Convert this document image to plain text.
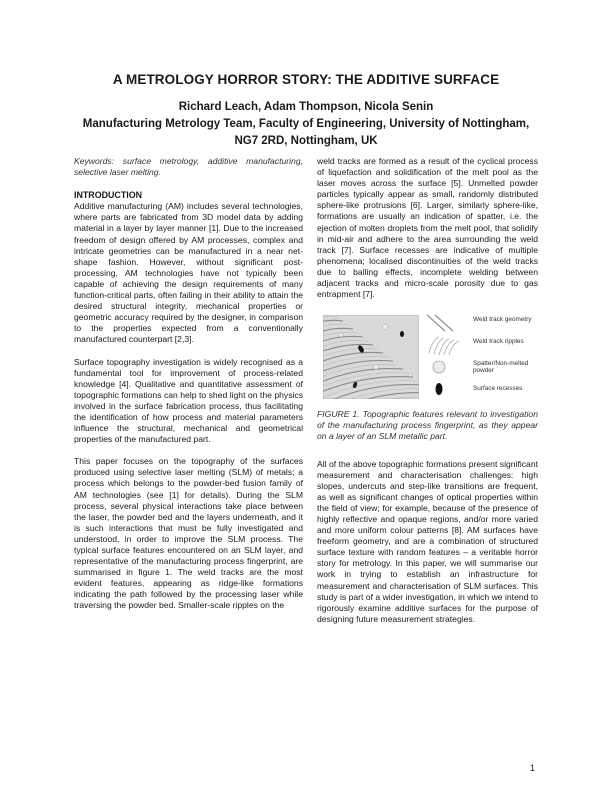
A METROLOGY HORROR STORY: THE ADDITIVE SURFACE
Richard Leach, Adam Thompson, Nicola Senin
Manufacturing Metrology Team, Faculty of Engineering, University of Nottingham,
NG7 2RD, Nottingham, UK

Keywords: surface metrology, additive manufacturing, selective laser melting.

INTRODUCTION

Additive manufacturing (AM) includes several technologies, where parts are fabricated from 3D model data by adding material in a layer by layer manner [1]. Due to the increased freedom of design offered by AM processes, complex and intricate geometries can be manufactured in a near net-shape fashion. However, without significant post-processing, AM technologies have not typically been capable of achieving the design requirements of many function-critical parts, often failing in their ability to attain the desired structural integrity, mechanical properties or geometric accuracy required by the designer, in comparison to the properties expected from a conventionally manufactured counterpart [2,3].

Surface topography investigation is widely recognised as a fundamental tool for improvement of process-related knowledge [4]. Qualitative and quantitative assessment of topographic formations can help to shed light on the physics involved in the surface fabrication process, thus facilitating the identification of how process and material parameters influence the structural, mechanical and geometrical properties of the manufactured part.

This paper focuses on the topography of the surfaces produced using selective laser melting (SLM) of metals; a process which belongs to the powder-bed fusion family of AM technologies (see [1] for details). During the SLM process, several physical interactions take place between the laser, the powder bed and the layers underneath, and it is such interactions that must be fully investigated and understood, in order to improve the SLM process. The typical surface features encountered on an SLM layer, and representative of the manufacturing process fingerprint, are summarised in figure 1. The weld tracks are the most evident features, appearing as ridge-like formations indicating the path followed by the processing laser while traversing the powder bed. Smaller-scale ripples on the

weld tracks are formed as a result of the cyclical process of liquefaction and solidification of the melt pool as the laser moves across the surface [5]. Unmelted powder particles typically appear as small, randomly distributed sphere-like protrusions [6]. Larger, similarly sphere-like, formations are usually an indication of spatter, i.e. the ejection of molten droplets from the melt pool, that solidify in mid-air and adhere to the area surrounding the weld track [7]. Surface recesses are indicative of multiple phenomena; localised discontinuities of the weld tracks due to balling effects, incomplete welding between adjacent tracks and micro-scale porosity due to gas entrapment [7].

Weld track geometry
Weld track ripples
Spatter/Non-melted powder
Surface recesses

FIGURE 1. Topographic features relevant to investigation of the manufacturing process fingerprint, as they appear on a layer of an SLM metallic part.

All of the above topographic formations present significant measurement and characterisation challenges: high slopes, undercuts and step-like transitions are frequent, as well as significant changes of optical properties within the field of view; for example, because of the presence of highly reflective and opaque regions, and/or more varied and more uniform colour patterns [8]. AM surfaces have freeform geometry, and are a combination of structured surface texture with random features – a veritable horror story for metrology. In this paper, we will summarise our work in trying to establish an infrastructure for measurement and characterisation of SLM surfaces. This study is part of a wider investigation, in which we intend to rigorously examine additive surfaces for the purpose of designing future measurement strategies.

1
